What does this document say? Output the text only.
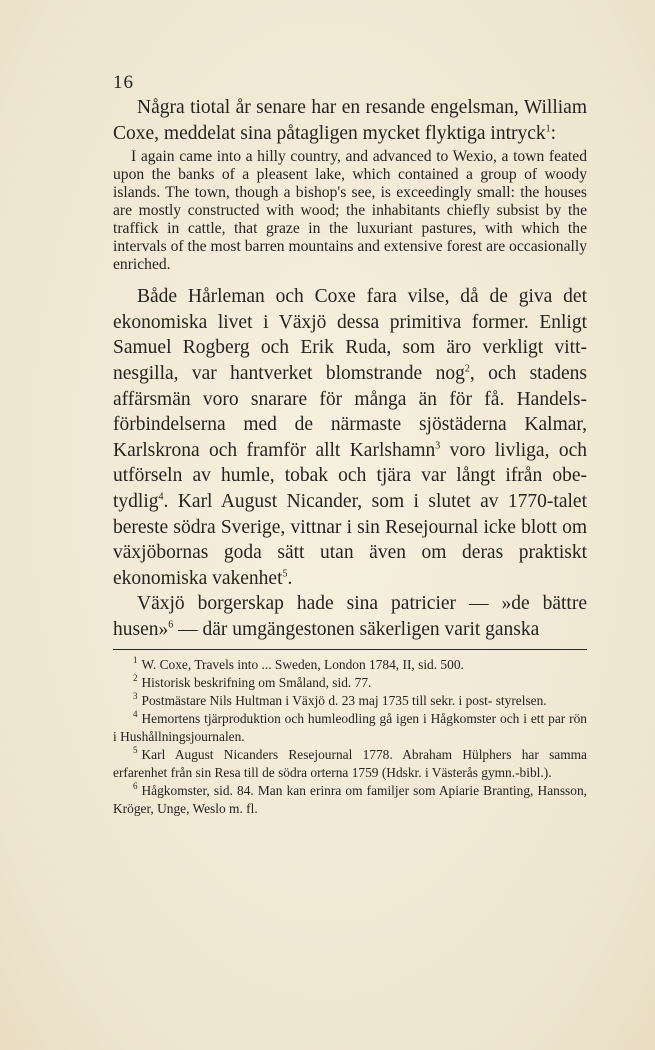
16

Några tiotal år senare har en resande engelsman, William Coxe, meddelat sina påtagligen mycket flyktiga intryck$^1$:

I again came into a hilly country, and advanced to Wexio, a town feated upon the banks of a pleasent lake, which contained a group of woody islands. The town, though a bishop's see, is exceedingly small: the houses are mostly constructed with wood; the inhabitants chiefly subsist by the traffick in cattle, that graze in the luxuriant pastures, with which the intervals of the most barren mountains and extensive forest are occasionally enriched.

Både Hårleman och Coxe fara vilse, då de giva det ekonomiska livet i Växjö dessa primitiva former. Enligt Samuel Rogberg och Erik Ruda, som äro verkligt vitt- nesgilla, var hantverket blomstrande nog$^2$, och stadens affärsmän voro snarare för många än för få. Handels- förbindelserna med de närmaste sjöstäderna Kalmar, Karlskrona och framför allt Karlshamn$^3$ voro livliga, och utförseln av humle, tobak och tjära var långt ifrån obe- tydlig$^4$. Karl August Nicander, som i slutet av 1770-talet bereste södra Sverige, vittnar i sin Resejournal icke blott om växjöbornas goda sätt utan även om deras praktiskt ekonomiska vakenhet$^5$.

Växjö borgerskap hade sina patricier — »de bättre husen»$^6$ — där umgängestonen säkerligen varit ganska

$^1$ W. Coxe, Travels into ... Sweden, London 1784, II, sid. 500.

$^2$ Historisk beskrifning om Småland, sid. 77.

$^3$ Postmästare Nils Hultman i Växjö d. 23 maj 1735 till sekr. i post- styrelsen.

$^4$ Hemortens tjärproduktion och humleodling gå igen i Hågkomster och i ett par rön i Hushållningsjournalen.

$^5$ Karl August Nicanders Resejournal 1778. Abraham Hülphers har samma erfarenhet från sin Resa till de södra orterna 1759 (Hdskr. i Västerås gymn.-bibl.).

$^6$ Hågkomster, sid. 84. Man kan erinra om familjer som Apiarie Branting, Hansson, Kröger, Unge, Weslo m. fl.
